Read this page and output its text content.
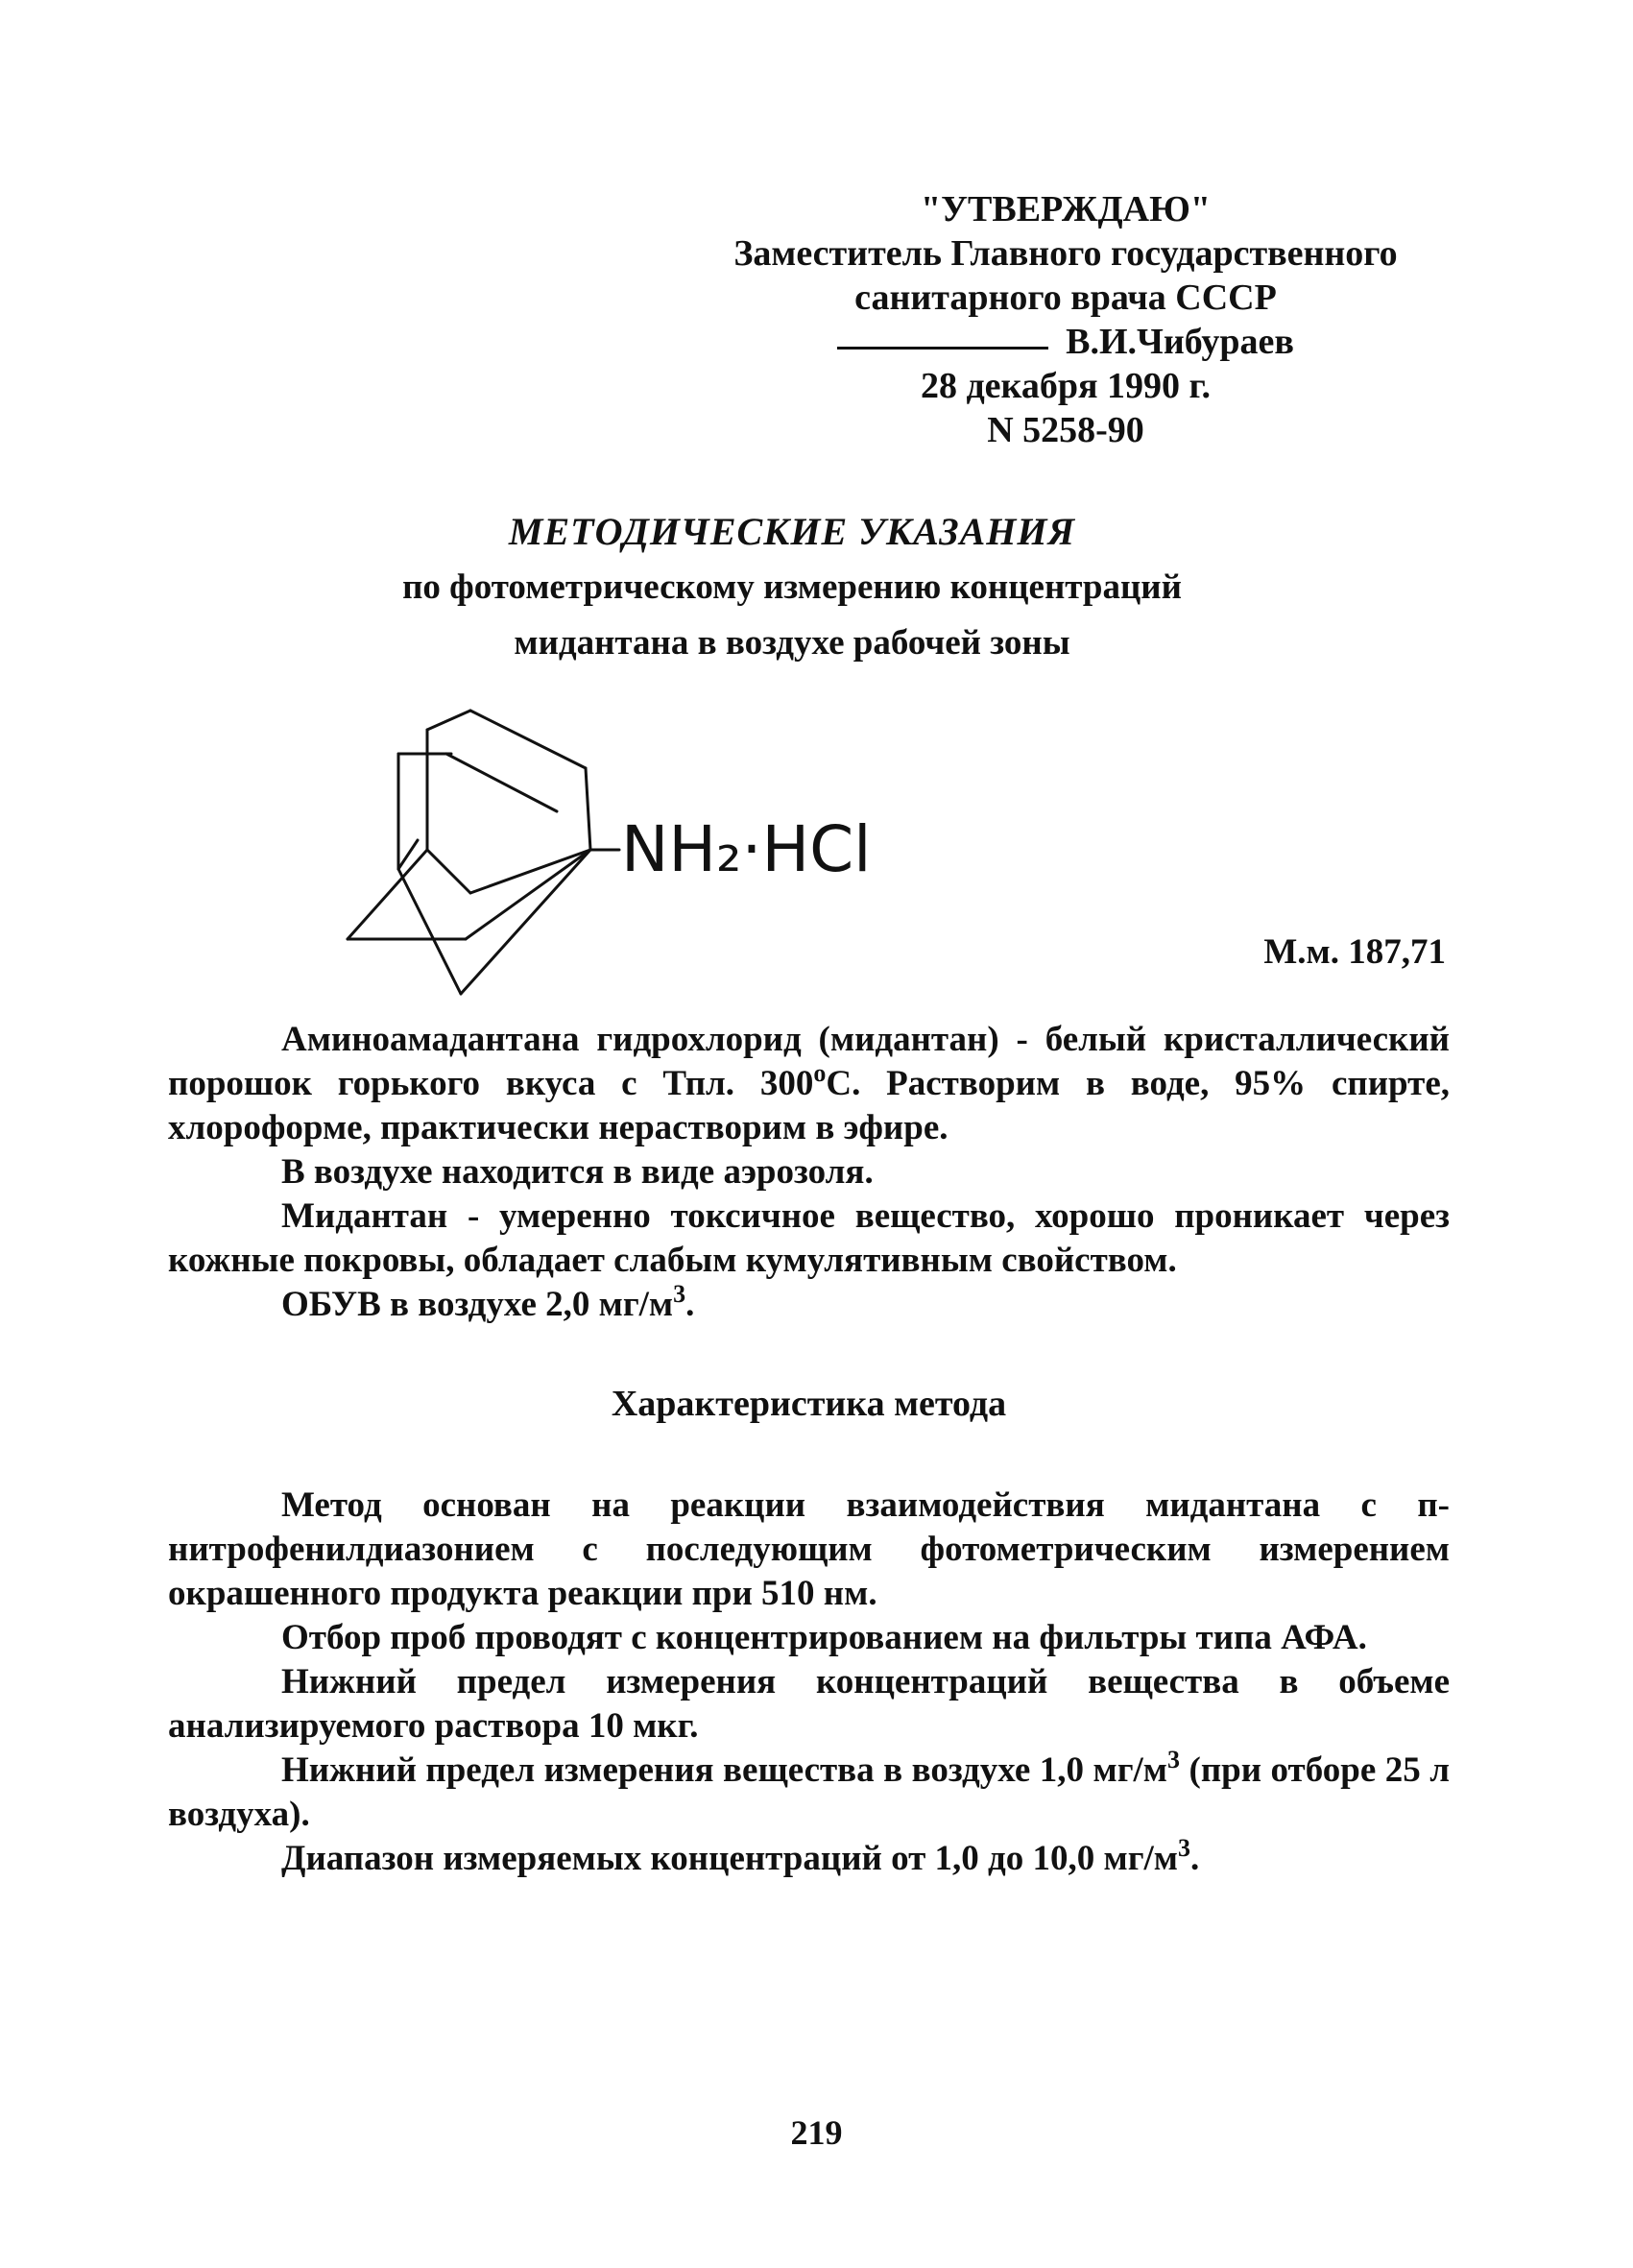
"УТВЕРЖДАЮ"
Заместитель Главного государственного
санитарного врача СССР
В.И.Чибураев
28 декабря 1990 г.
N 5258-90
МЕТОДИЧЕСКИЕ УКАЗАНИЯ
по фотометрическому измерению концентраций
мидантана в воздухе рабочей зоны
NH₂·HCl
М.м. 187,71

Аминоамадантана гидрохлорид (мидантан) - белый кристаллический порошок горького вкуса с Тпл. $300^оС$. Растворим в воде, 95% спирте, хлороформе, практически нерастворим в эфире.

В воздухе находится в виде аэрозоля.

Мидантан - умеренно токсичное вещество, хорошо проникает через кожные покровы, обладает слабым кумулятивным свойством.

ОБУВ в воздухе 2,0 $мг/м^3$.

Характеристика метода

Метод основан на реакции взаимодействия мидантана с п-нитрофенилдиазонием с последующим фотометрическим измерением окрашенного продукта реакции при 510 нм.

Отбор проб проводят с концентрированием на фильтры типа АФА.

Нижний предел измерения концентраций вещества в объеме анализируемого раствора 10 мкг.

Нижний предел измерения вещества в воздухе 1,0 $мг/м^3$ (при отборе 25 л воздуха).

Диапазон измеряемых концентраций от 1,0 до 10,0 $мг/м^3$.

219
